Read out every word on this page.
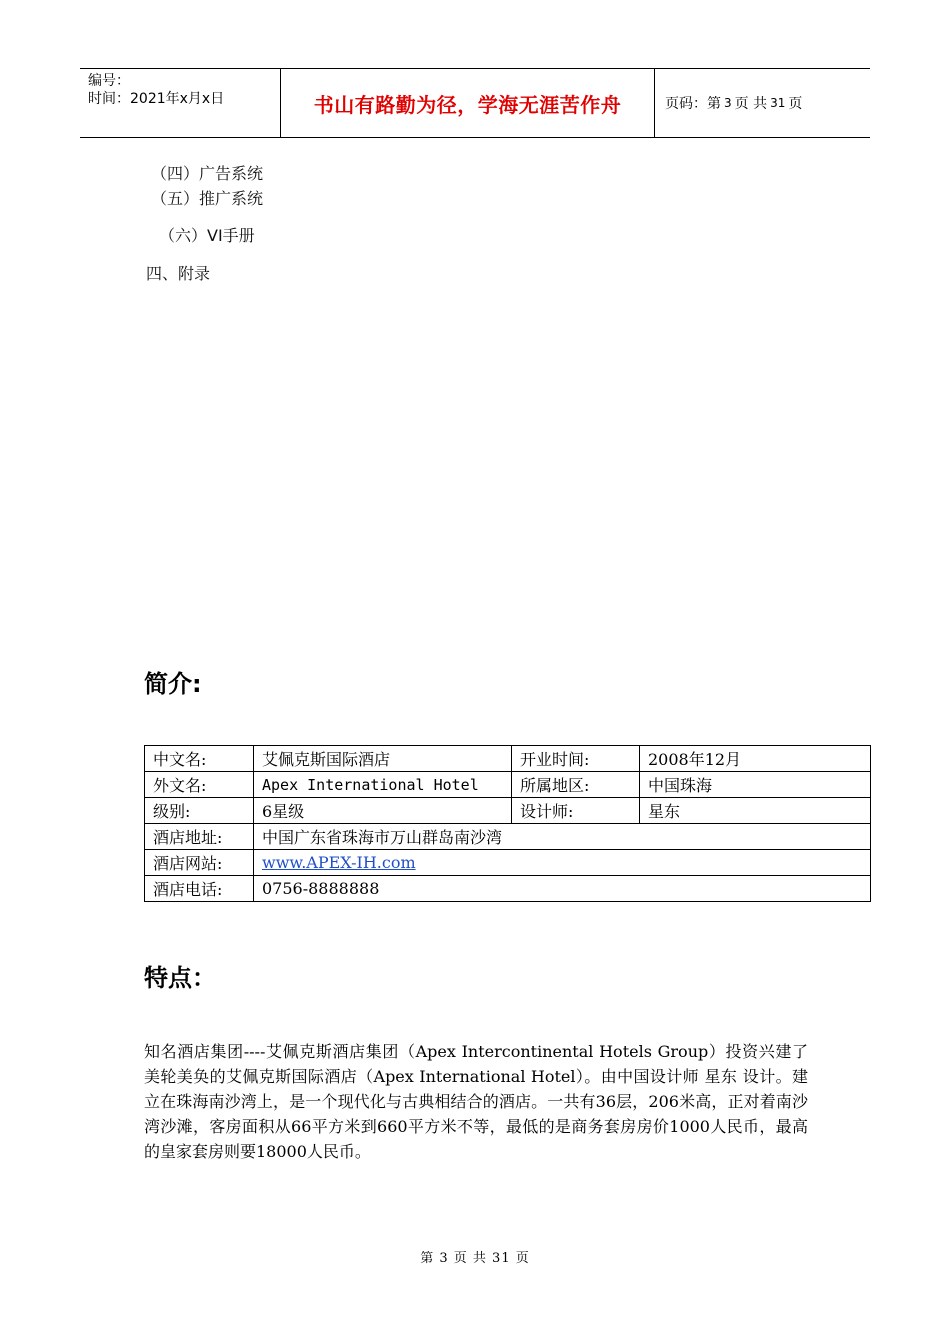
编号：
时间：2021年x月x日	书山有路勤为径，学海无涯苦作舟	页码：第 3 页 共 31 页
（四）广告系统
（五）推广系统
（六）VI手册
四、附录
简介:
中文名:	艾佩克斯国际酒店	开业时间:	2008年12月
外文名:	Apex International Hotel	所属地区:	中国珠海
级别:	6星级	设计师:	星东
酒店地址:	中国广东省珠海市万山群岛南沙湾		
酒店网站:	www.APEX-IH.com		
酒店电话:	0756-8888888		
特点：
知名酒店集团----艾佩克斯酒店集团（Apex Intercontinental Hotels Group）投资兴建了美轮美奂的艾佩克斯国际酒店（Apex International Hotel）。由中国设计师 星东 设计。建立在珠海南沙湾上，是一个现代化与古典相结合的酒店。一共有36层，206米高，正对着南沙湾沙滩，客房面积从66平方米到660平方米不等，最低的是商务套房房价1000人民币，最高的皇家套房则要18000人民币。
第 3 页 共 31 页
